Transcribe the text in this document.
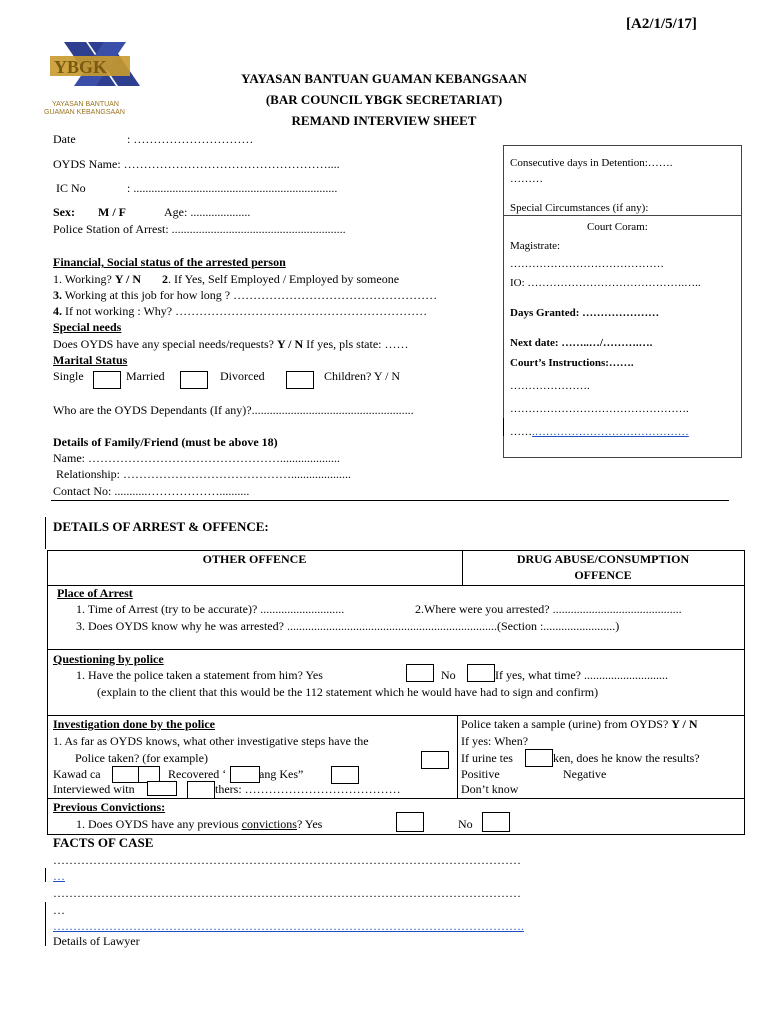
[A2/1/5/17]
YBGK
YAYASAN BANTUAN
GUAMAN KEBANGSAAN
YAYASAN BANTUAN GUAMAN KEBANGSAAN
(BAR COUNCIL YBGK SECRETARIAT)
REMAND INTERVIEW SHEET
Date	: …………………………
OYDS Name: ……………………………………………....
IC No	: ....................................................................
Sex: M / F	Age: ....................
Police Station of Arrest: ..........................................................
Financial, Social status of the arrested person
1. Working? Y / N 2. If Yes, Self Employed / Employed by someone
3. Working at this job for how long ? ……………………………………………
4. If not working : Why? ………………………………………………………
Special needs
Does OYDS have any special needs/requests? Y / N If yes, pls state: ……
Marital Status
Single	Married	Divorced	Children? Y / N
Who are the OYDS Dependants (If any)?......................................................
Details of Family/Friend (must be above 18)
Name: …………………………………………....................
Relationship: ……………………………………....................
Contact No: ...........………………..........
Consecutive days in Detention:…….
………
Special Circumstances (if any):
Court Coram:
Magistrate:
……………………………………
IO: …………………………………….…..
Days Granted: …………………
Next date: ……..…/……….….
Court’s Instructions:…….
………………….
………………………………………….
…….……………………………………
DETAILS OF ARREST & OFFENCE:
OTHER OFFENCE	DRUG ABUSE/CONSUMPTION
OFFENCE
Place of Arrest
1. Time of Arrest (try to be accurate)? ............................	2.Where were you arrested? ...........................................
3. Does OYDS know why he was arrested? ......................................................................(Section :........................)
Questioning by police
1. Have the police taken a statement from him? Yes	No	If yes, what time? ............................
(explain to the client that this would be the 112 statement which he would have had to sign and confirm)
Investigation done by the police
1. As far as OYDS knows, what other investigative steps have the
Police taken? (for example)
Kawad ca	Recovered ‘	ang Kes”
Interviewed witn	thers: …………………………………
Police taken a sample (urine) from OYDS? Y / N
If yes: When?
If urine tes	ken, does he know the results?
Positive	Negative
Don’t know
Previous Convictions:
1. Does OYDS have any previous convictions? Yes	No
FACTS OF CASE
………………………………………………………………………………………………………
…
………………………………………………………………………………………………………
…
……………………………………………………………………………………………………….
Details of Lawyer
